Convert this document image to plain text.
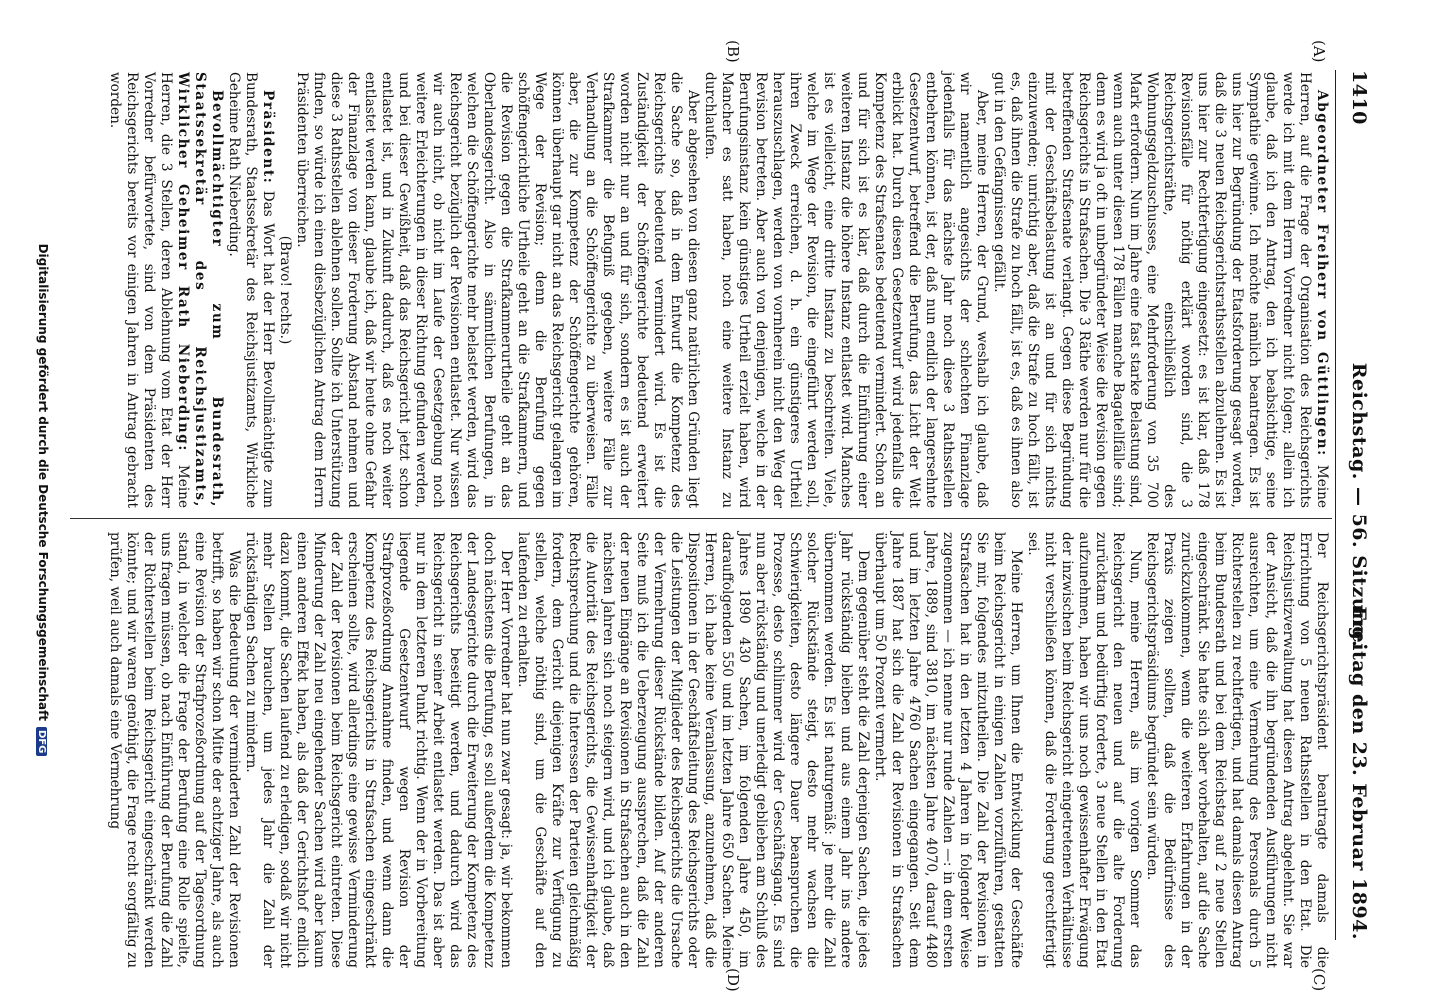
1410
Reichstag. — 56. Sitzung.
Freitag den 23. Februar 1894.
(A)
(B)
(C)
(D)

Abgeordneter Freiherr von Güttlingen: Meine Herren, auf die Frage der Organisation des Reichsgerichts werde ich mit dem Herrn Vorredner nicht folgen; allein ich glaube, daß ich den Antrag, den ich beabsichtige, seine Sympathie gewinne. Ich möchte nämlich beantragen. Es ist uns hier zur Begründung der Etatsforderung gesagt worden, daß die 3 neuen Reichsgerichtsrathsstellen abzulehnen. Es ist uns hier zur Rechtfertigung eingesetzt: es ist klar, daß 178 Revisionsfälle für nöthig erklärt worden sind, die 3 Reichsgerichtsräthe, einschließlich des Wohnungsgeldzuschusses, eine Mehrforderung von 35 700 Mark erfordern. Nun im Jahre eine fast starke Belastung sind, wenn auch unter diesen 178 Fällen manche Bagatellfälle sind; denn es wird ja oft in unbegründeter Weise die Revision gegen Reichsgerichts in Strafsachen. Die 3 Räthe werden nur für die betreffenden Strafsenate verlangt. Gegen diese Begründung mit der Geschäftsbelastung ist an und für sich nichts einzuwenden; unrichtig aber, daß die Strafe zu hoch fällt, ist es, daß ihnen die Strafe zu hoch fällt, ist es, daß es ihnen also gut in den Gefängnissen gefällt.

Aber, meine Herren, der Grund, weshalb ich glaube, daß wir namentlich angesichts der schlechten Finanzlage jedenfalls für das nächste Jahr noch diese 3 Rathsstellen entbehren können, ist der, daß nun endlich der langersehnte Gesetzentwurf, betreffend die Berufung, das Licht der Welt erblickt hat. Durch diesen Gesetzentwurf wird jedenfalls die Kompetenz des Strafsenates bedeutend vermindert. Schon an und für sich ist es klar, daß durch die Einführung einer weiteren Instanz die höhere Instanz entlastet wird. Manches ist es vielleicht, eine dritte Instanz zu beschreiten. Viele, welche im Wege der Revision, die eingeführt werden soll, ihren Zweck erreichen, d. h. ein günstigeres Urtheil herauszuschlagen, werden von vornherein nicht den Weg der Revision betreten. Aber auch von denjenigen, welche in der Berufungsinstanz kein günstiges Urtheil erzielt haben, wird Mancher es satt haben, noch eine weitere Instanz zu durchlaufen.

Aber abgesehen von diesen ganz natürlichen Gründen liegt die Sache so, daß in dem Entwurf die Kompetenz des Reichsgerichts bedeutend vermindert wird. Es ist die Zuständigkeit der Schöffengerichte bedeutend erweitert worden nicht nur an und für sich, sondern es ist auch der Strafkammer die Befugniß gegeben, weitere Fälle zur Verhandlung an die Schöffengerichte zu überweisen. Fälle aber, die zur Kompetenz der Schöffengerichte gehören, können überhaupt gar nicht an das Reichsgericht gelangen im Wege der Revision; denn die Berufung gegen schöffengerichtliche Urtheile geht an die Strafkammern, und die Revision gegen die Strafkammerurtheile geht an das Oberlandesgericht. Also in sämmtlichen Berufungen, in welchen die Schöffengerichte mehr belastet werden, wird das Reichsgericht bezüglich der Revisionen entlastet. Nur wissen wir auch nicht, ob nicht im Laufe der Gesetzgebung noch weitere Erleichterungen in dieser Richtung gefunden werden, und bei dieser Gewißheit, daß das Reichsgericht jetzt schon entlastet ist, und in Zukunft dadurch, daß es noch weiter entlastet werden kann, glaube ich, daß wir heute ohne Gefahr der Finanzlage von dieser Forderung Abstand nehmen und diese 3 Rathsstellen ablehnen sollen. Sollte ich Unterstützung finden, so würde ich einen diesbezüglichen Antrag dem Herrn Präsidenten überreichen.

(Bravo! rechts.)

Präsident: Das Wort hat der Herr Bevollmächtigte zum Bundesrath, Staatssekretär des Reichsjustizamts, Wirkliche Geheime Rath Nieberding.

Bevollmächtigter zum Bundesrath, Staatssekretär des Reichsjustizamts, Wirklicher Geheimer Rath Nieberding: Meine Herren, die 3 Stellen, deren Ablehnung vom Etat der Herr Vorredner befürwortete, sind von dem Präsidenten des Reichsgerichts bereits vor einigen Jahren in Antrag gebracht worden.

Der Reichsgerichtspräsident beantragte damals die Errichtung von 5 neuen Rathsstellen in den Etat. Die Reichsjustizverwaltung hat diesen Antrag abgelehnt. Sie war der Ansicht, daß die ihn begründenden Ausführungen nicht ausreichten, um eine Vermehrung des Personals durch 5 Richterstellen zu rechtfertigen, und hat damals diesen Antrag beim Bundesrath und bei dem Reichstag auf 2 neue Stellen eingeschränkt. Sie hatte sich aber vorbehalten, auf die Sache zurückzukommen, wenn die weiteren Erfahrungen in der Praxis zeigen sollten, daß die Bedürfnisse des Reichsgerichtspräsidiums begründet sein würden.

Nun, meine Herren, als im vorigen Sommer das Reichsgericht den neuen und auf die alte Forderung zurücktam und bedürftig forderte, 3 neue Stellen in den Etat aufzunehmen, haben wir uns noch gewissenhafter Erwägung der inzwischen beim Reichsgericht eingetretenen Verhältnisse nicht verschließen können, daß die Forderung gerechtfertigt sei.

Meine Herren, um Ihnen die Entwicklung der Geschäfte beim Reichsgericht in einigen Zahlen vorzuführen, gestatten Sie mir, folgendes mitzutheilen. Die Zahl der Revisionen in Strafsachen hat in den letzten 4 Jahren in folgender Weise zugenommen — ich nenne nur runde Zahlen —: in dem ersten Jahre, 1889, sind 3810, im nächsten Jahre 4070, darauf 4480 und im letzten Jahre 4760 Sachen eingegangen. Seit dem Jahre 1887 hat sich die Zahl der Revisionen in Strafsachen überhaupt um 50 Prozent vermehrt.

Dem gegenüber steht die Zahl derjenigen Sachen, die jedes Jahr rückständig bleiben und aus einem Jahr ins andere übernommen werden. Es ist naturgemäß: je mehr die Zahl solcher Rückstände steigt, desto mehr wachsen die Schwierigkeiten, desto längere Dauer beanspruchen die Prozesse, desto schlimmer wird der Geschäftsgang. Es sind nun aber rückständig und unerledigt geblieben am Schluß des Jahres 1890 430 Sachen, im folgenden Jahre 450, im darauffolgenden 550 und im letzten Jahre 650 Sachen. Meine Herren, ich habe keine Veranlassung, anzunehmen, daß die Dispositionen in der Geschäftsleitung des Reichsgerichts oder die Leistungen der Mitglieder des Reichsgerichts die Ursache der Vermehrung dieser Rückstände bilden. Auf der anderen Seite muß ich die Ueberzeugung aussprechen, daß die Zahl der neuen Eingänge an Revisionen in Strafsachen auch in den nächsten Jahren sich noch steigern wird, und ich glaube, daß die Autorität des Reichsgerichts, die Gewissenhaftigkeit der Rechtsprechung und die Interessen der Parteien gleichmäßig fordern, dem Gericht diejenigen Kräfte zur Verfügung zu stellen, welche nöthig sind, um die Geschäfte auf den laufenden zu erhalten.

Der Herr Vorredner hat nun zwar gesagt: ja, wir bekommen doch nächstens die Berufung, es soll außerdem die Kompetenz der Landesgerichte durch die Erweiterung der Kompetenz des Reichsgerichts beseitigt werden, und dadurch wird das Reichsgericht in seiner Arbeit entlastet werden. Das ist aber nur in dem letzteren Punkt richtig. Wenn der in Vorbereitung liegende Gesetzentwurf wegen Revision der Strafprozeßordnung Annahme finden, und wenn dann die Kompetenz des Reichsgerichts in Strafsachen eingeschränkt erscheinen sollte, wird allerdings eine gewisse Verminderung der Zahl der Revisionen beim Reichsgericht eintreten. Diese Minderung der Zahl neu eingehender Sachen wird aber kaum einen anderen Effekt haben, als daß der Gerichtshof endlich dazu kommt, die Sachen laufend zu erledigen, sodaß wir nicht mehr Stellen brauchen, um jedes Jahr die Zahl der rückständigen Sachen zu mindern.

Was die Bedeutung der verminderten Zahl der Revisionen betrifft, so haben wir schon Mitte der achtziger Jahre, als auch eine Revision der Strafprozeßordnung auf der Tagesordnung stand, in welcher die Frage der Berufung eine Rolle spielte, uns fragen müssen, ob nach Einführung der Berufung die Zahl der Richterstellen beim Reichsgericht eingeschränkt werden könnte; und wir waren genöthigt, die Frage recht sorgfältig zu prüfen, weil auch damals eine Vermehrung

Digitalisierung gefördert durch die Deutsche ForschungsgemeinschaftDFG
